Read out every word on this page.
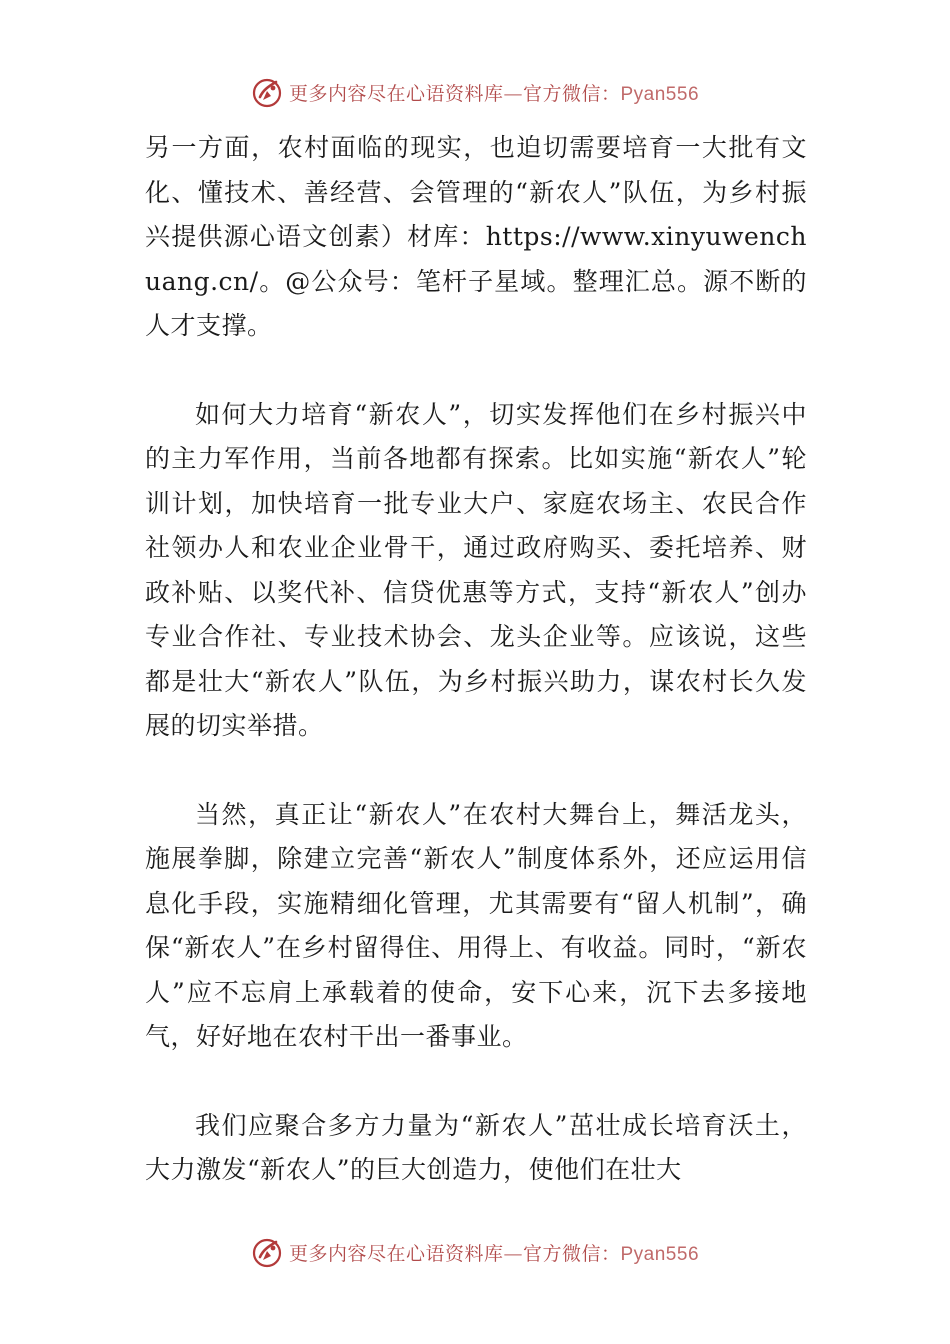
更多内容尽在心语资料库—官方微信：Pyan556

另一方面，农村面临的现实，也迫切需要培育一大批有文化、懂技术、善经营、会管理的“新农人”队伍，为乡村振兴提供源心语文创素）材库：https://www.xinyuwenchuang.cn/。@公众号：笔杆子星域。整理汇总。源不断的人才支撑。

如何大力培育“新农人”，切实发挥他们在乡村振兴中的主力军作用，当前各地都有探索。比如实施“新农人”轮训计划，加快培育一批专业大户、家庭农场主、农民合作社领办人和农业企业骨干，通过政府购买、委托培养、财政补贴、以奖代补、信贷优惠等方式，支持“新农人”创办专业合作社、专业技术协会、龙头企业等。应该说，这些都是壮大“新农人”队伍，为乡村振兴助力，谋农村长久发展的切实举措。

当然，真正让“新农人”在农村大舞台上，舞活龙头，施展拳脚，除建立完善“新农人”制度体系外，还应运用信息化手段，实施精细化管理，尤其需要有“留人机制”，确保“新农人”在乡村留得住、用得上、有收益。同时，“新农人”应不忘肩上承载着的使命，安下心来，沉下去多接地气，好好地在农村干出一番事业。

我们应聚合多方力量为“新农人”茁壮成长培育沃土，大力激发“新农人”的巨大创造力，使他们在壮大

更多内容尽在心语资料库—官方微信：Pyan556
